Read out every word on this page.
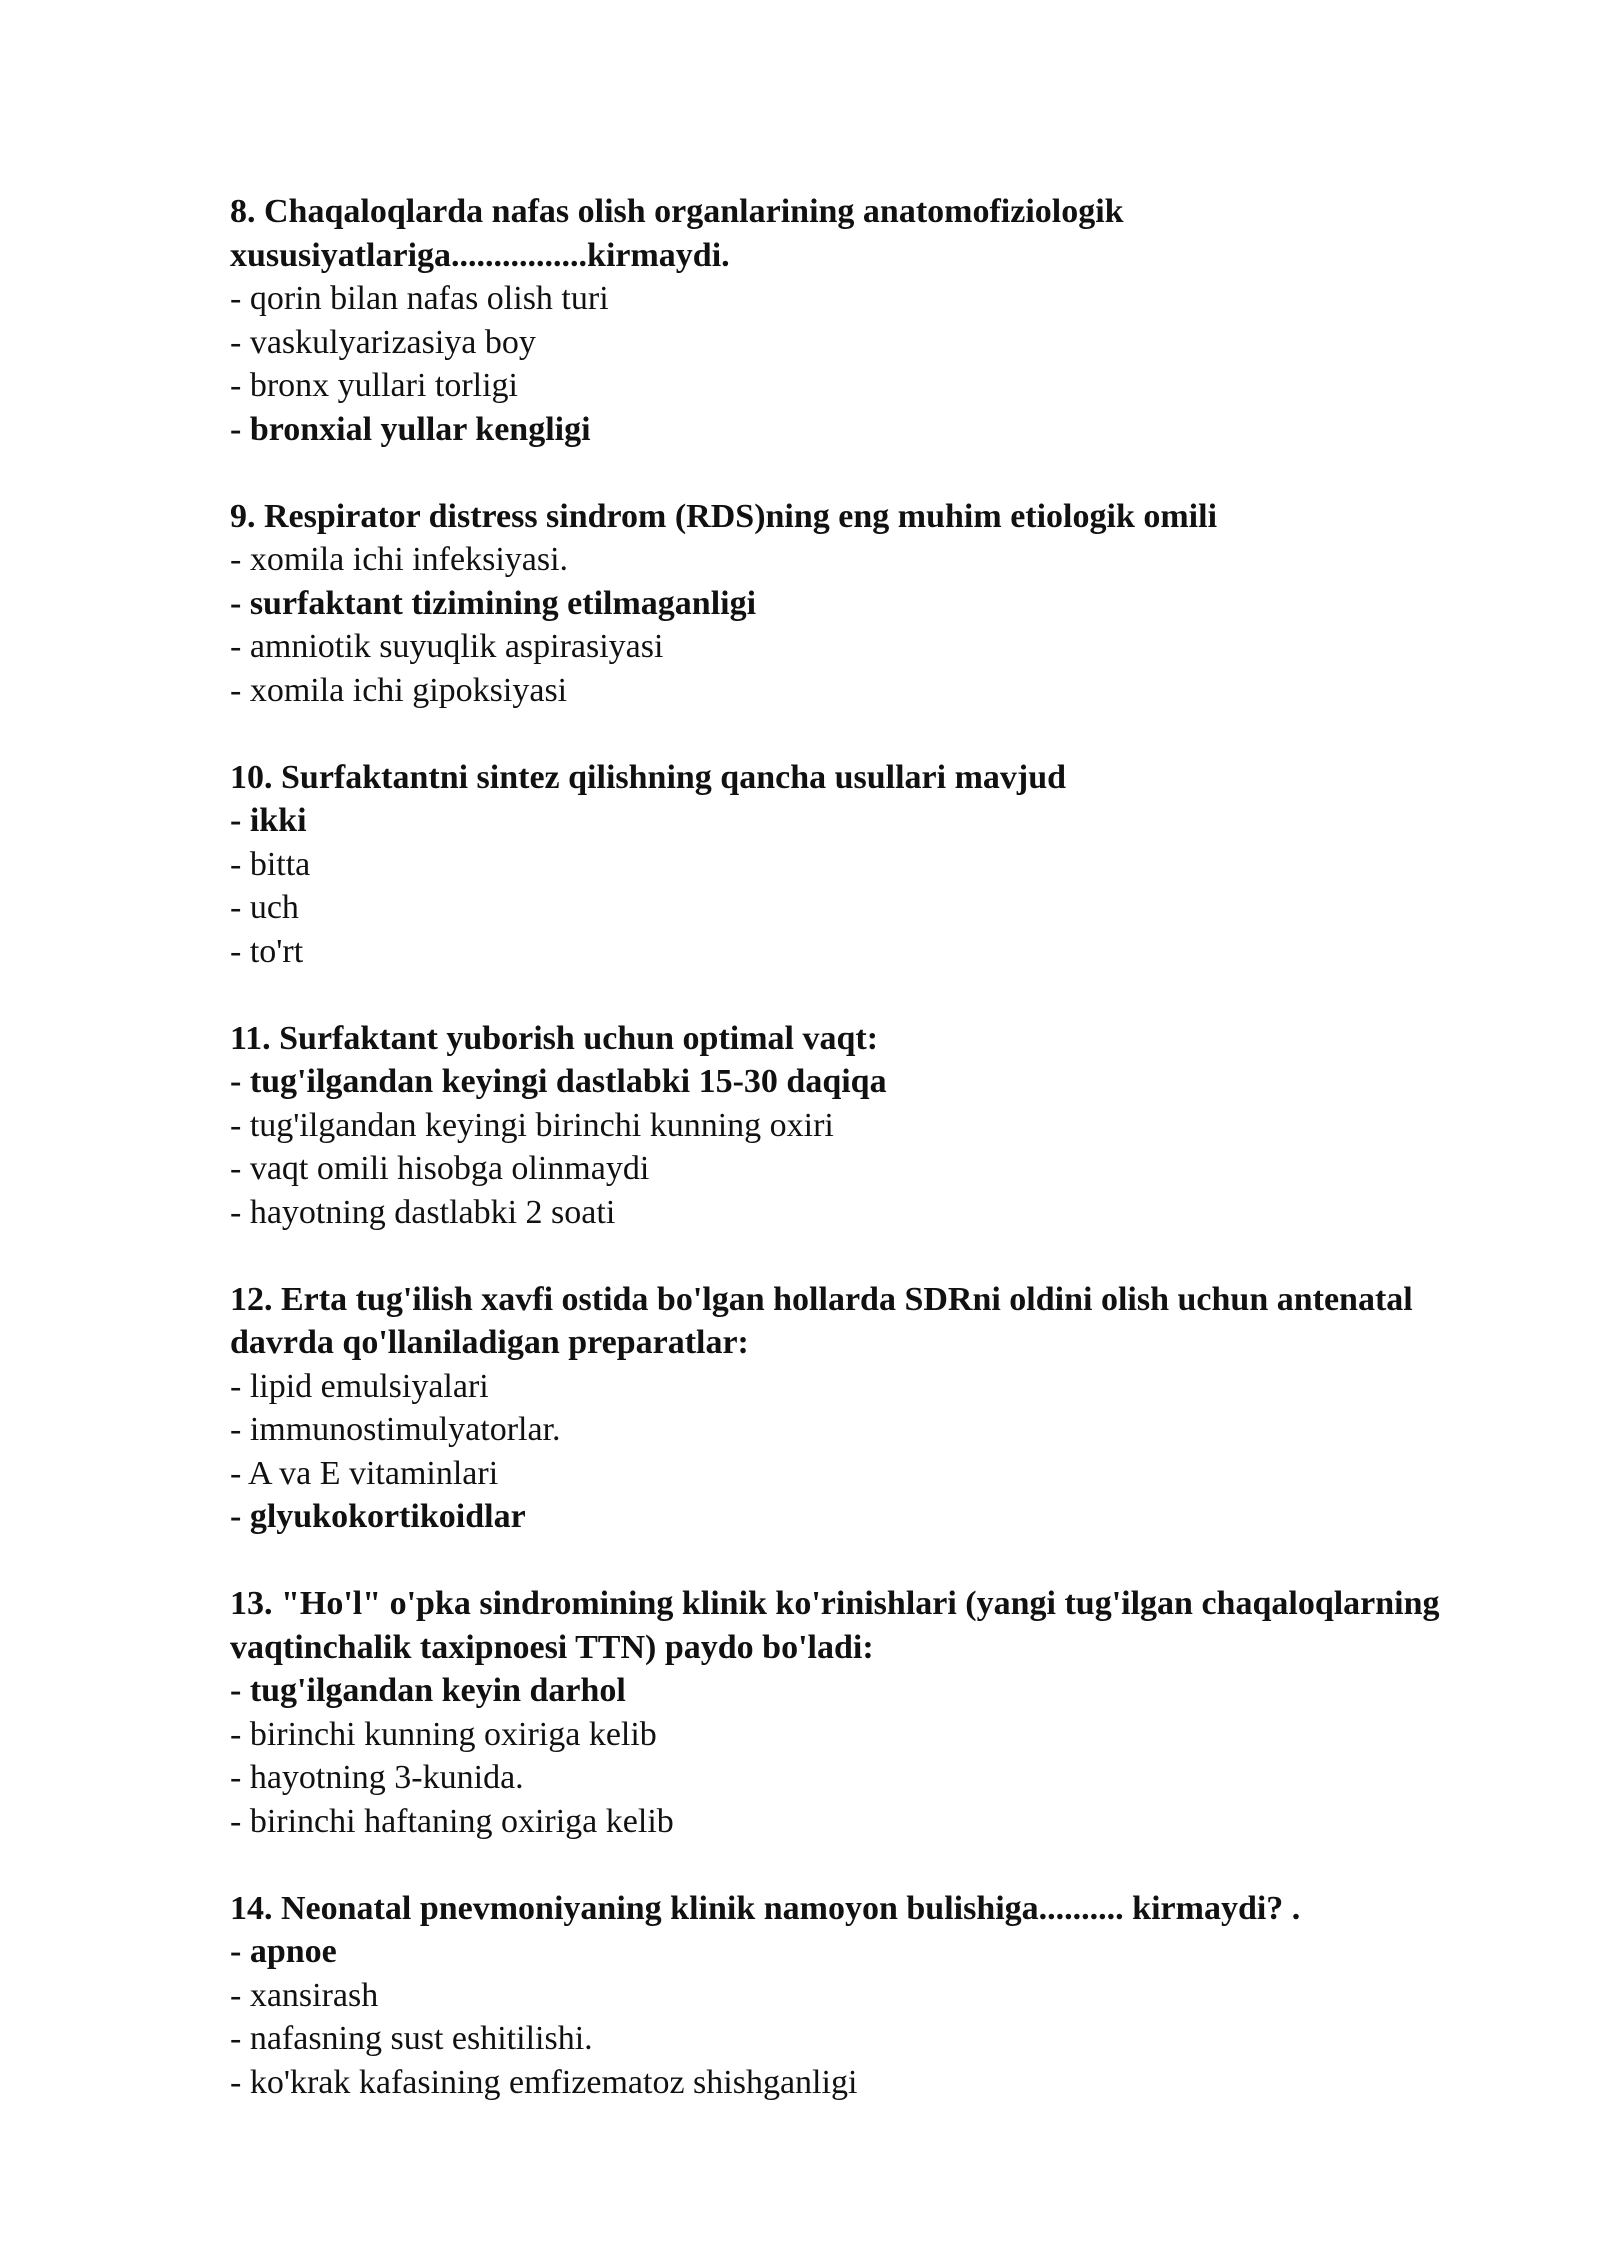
8. Chaqaloqlarda nafas olish organlarining anatomofiziologik xususiyatlariga................kirmaydi.

- qorin bilan nafas olish turi
- vaskulyarizasiya boy
- bronx yullari torligi
- bronxial yullar kengligi

9. Respirator distress sindrom (RDS)ning eng muhim etiologik omili

- xomila ichi infeksiyasi.
- surfaktant tizimining etilmaganligi
- amniotik suyuqlik aspirasiyasi
- xomila ichi gipoksiyasi

10. Surfaktantni sintez qilishning qancha usullari mavjud

- ikki
- bitta
- uch
- to'rt

11. Surfaktant yuborish uchun optimal vaqt:

- tug'ilgandan keyingi dastlabki 15-30 daqiqa
- tug'ilgandan keyingi birinchi kunning oxiri
- vaqt omili hisobga olinmaydi
- hayotning dastlabki 2 soati

12. Erta tug'ilish xavfi ostida bo'lgan hollarda SDRni oldini olish uchun antenatal davrda qo'llaniladigan preparatlar:

- lipid emulsiyalari
- immunostimulyatorlar.
- A va E vitaminlari
- glyukokortikoidlar

13. "Ho'l" o'pka sindromining klinik ko'rinishlari (yangi tug'ilgan chaqaloqlarning vaqtinchalik taxipnoesi TTN) paydo bo'ladi:

- tug'ilgandan keyin darhol
- birinchi kunning oxiriga kelib
- hayotning 3-kunida.
- birinchi haftaning oxiriga kelib

14. Neonatal pnevmoniyaning klinik namoyon bulishiga.......... kirmaydi? .

- apnoe
- xansirash
- nafasning sust eshitilishi.
- ko'krak kafasining emfizematoz shishganligi
